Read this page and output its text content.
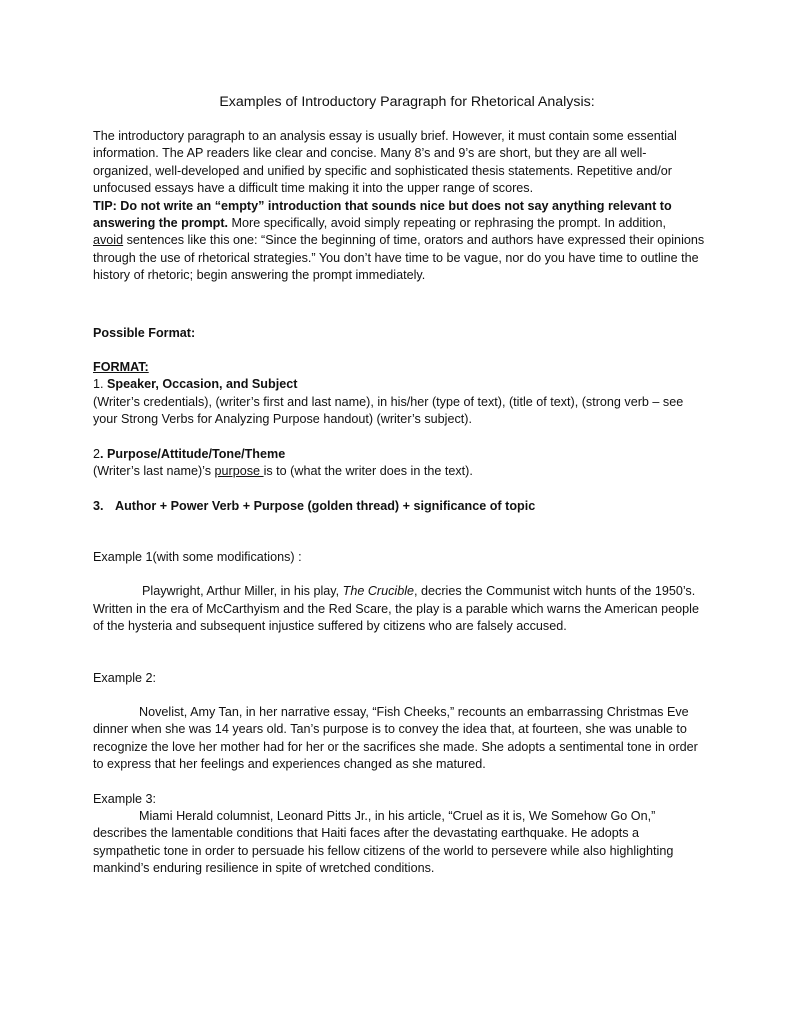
Examples of Introductory Paragraph for Rhetorical Analysis:

The introductory paragraph to an analysis essay is usually brief. However, it must contain some essential information. The AP readers like clear and concise. Many 8’s and 9’s are short, but they are all well-organized, well-developed and unified by specific and sophisticated thesis statements. Repetitive and/or unfocused essays have a difficult time making it into the upper range of scores.
TIP: Do not write an “empty” introduction that sounds nice but does not say anything relevant to answering the prompt. More specifically, avoid simply repeating or rephrasing the prompt. In addition,
avoid sentences like this one: “Since the beginning of time, orators and authors have expressed their opinions through the use of rhetorical strategies.” You don’t have time to be vague, nor do you have time to outline the history of rhetoric; begin answering the prompt immediately.

Possible Format:

FORMAT:

1. Speaker, Occasion, and Subject

(Writer’s credentials), (writer’s first and last name), in his/her (type of text), (title of text), (strong verb – see your Strong Verbs for Analyzing Purpose handout) (writer’s subject).

2. Purpose/Attitude/Tone/Theme

(Writer’s last name)’s purpose is to (what the writer does in the text).

3. Author + Power Verb + Purpose (golden thread) + significance of topic

Example 1(with some modifications) :

Playwright, Arthur Miller, in his play, The Crucible, decries the Communist witch hunts of the 1950’s. Written in the era of McCarthyism and the Red Scare, the play is a parable which warns the American people of the hysteria and subsequent injustice suffered by citizens who are falsely accused.

Example 2:

Novelist, Amy Tan, in her narrative essay, “Fish Cheeks,” recounts an embarrassing Christmas Eve dinner when she was 14 years old. Tan’s purpose is to convey the idea that, at fourteen, she was unable to recognize the love her mother had for her or the sacrifices she made. She adopts a sentimental tone in order to express that her feelings and experiences changed as she matured.

Example 3:

Miami Herald columnist, Leonard Pitts Jr., in his article, “Cruel as it is, We Somehow Go On,” describes the lamentable conditions that Haiti faces after the devastating earthquake. He adopts a sympathetic tone in order to persuade his fellow citizens of the world to persevere while also highlighting mankind’s enduring resilience in spite of wretched conditions.
